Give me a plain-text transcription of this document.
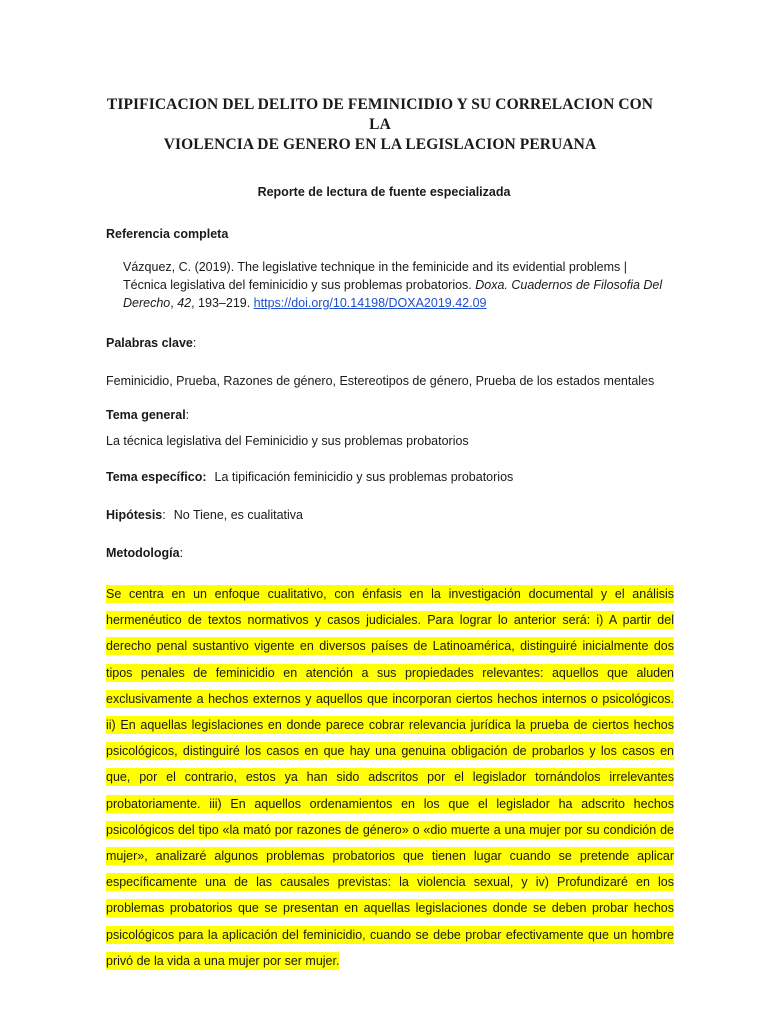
TIPIFICACION DEL DELITO DE FEMINICIDIO Y SU CORRELACION CON LA
VIOLENCIA DE GENERO EN LA LEGISLACION PERUANA
Reporte de lectura de fuente especializada
Referencia completa
Vázquez, C. (2019). The legislative technique in the feminicide and its evidential problems | Técnica legislativa del feminicidio y sus problemas probatorios. Doxa. Cuadernos de Filosofia Del Derecho, 42, 193–219. https://doi.org/10.14198/DOXA2019.42.09
Palabras clave:
Feminicidio, Prueba, Razones de género, Estereotipos de género, Prueba de los estados mentales
Tema general:
La técnica legislativa del Feminicidio y sus problemas probatorios
Tema específico: La tipificación feminicidio y sus problemas probatorios
Hipótesis: No Tiene, es cualitativa
Metodología:
Se centra en un enfoque cualitativo, con énfasis en la investigación documental y el análisis hermenéutico de textos normativos y casos judiciales. Para lograr lo anterior será: i) A partir del derecho penal sustantivo vigente en diversos países de Latinoamérica, distinguiré inicialmente dos tipos penales de feminicidio en atención a sus propiedades relevantes: aquellos que aluden exclusivamente a hechos externos y aquellos que incorporan ciertos hechos internos o psicológicos. ii) En aquellas legislaciones en donde parece cobrar relevancia jurídica la prueba de ciertos hechos psicológicos, distinguiré los casos en que hay una genuina obligación de probarlos y los casos en que, por el contrario, estos ya han sido adscritos por el legislador tornándolos irrelevantes probatoriamente. iii) En aquellos ordenamientos en los que el legislador ha adscrito hechos psicológicos del tipo «la mató por razones de género» o «dio muerte a una mujer por su condición de mujer», analizaré algunos problemas probatorios que tienen lugar cuando se pretende aplicar específicamente una de las causales previstas: la violencia sexual, y iv) Profundizaré en los problemas probatorios que se presentan en aquellas legislaciones donde se deben probar hechos psicológicos para la aplicación del feminicidio, cuando se debe probar efectivamente que un hombre privó de la vida a una mujer por ser mujer.
